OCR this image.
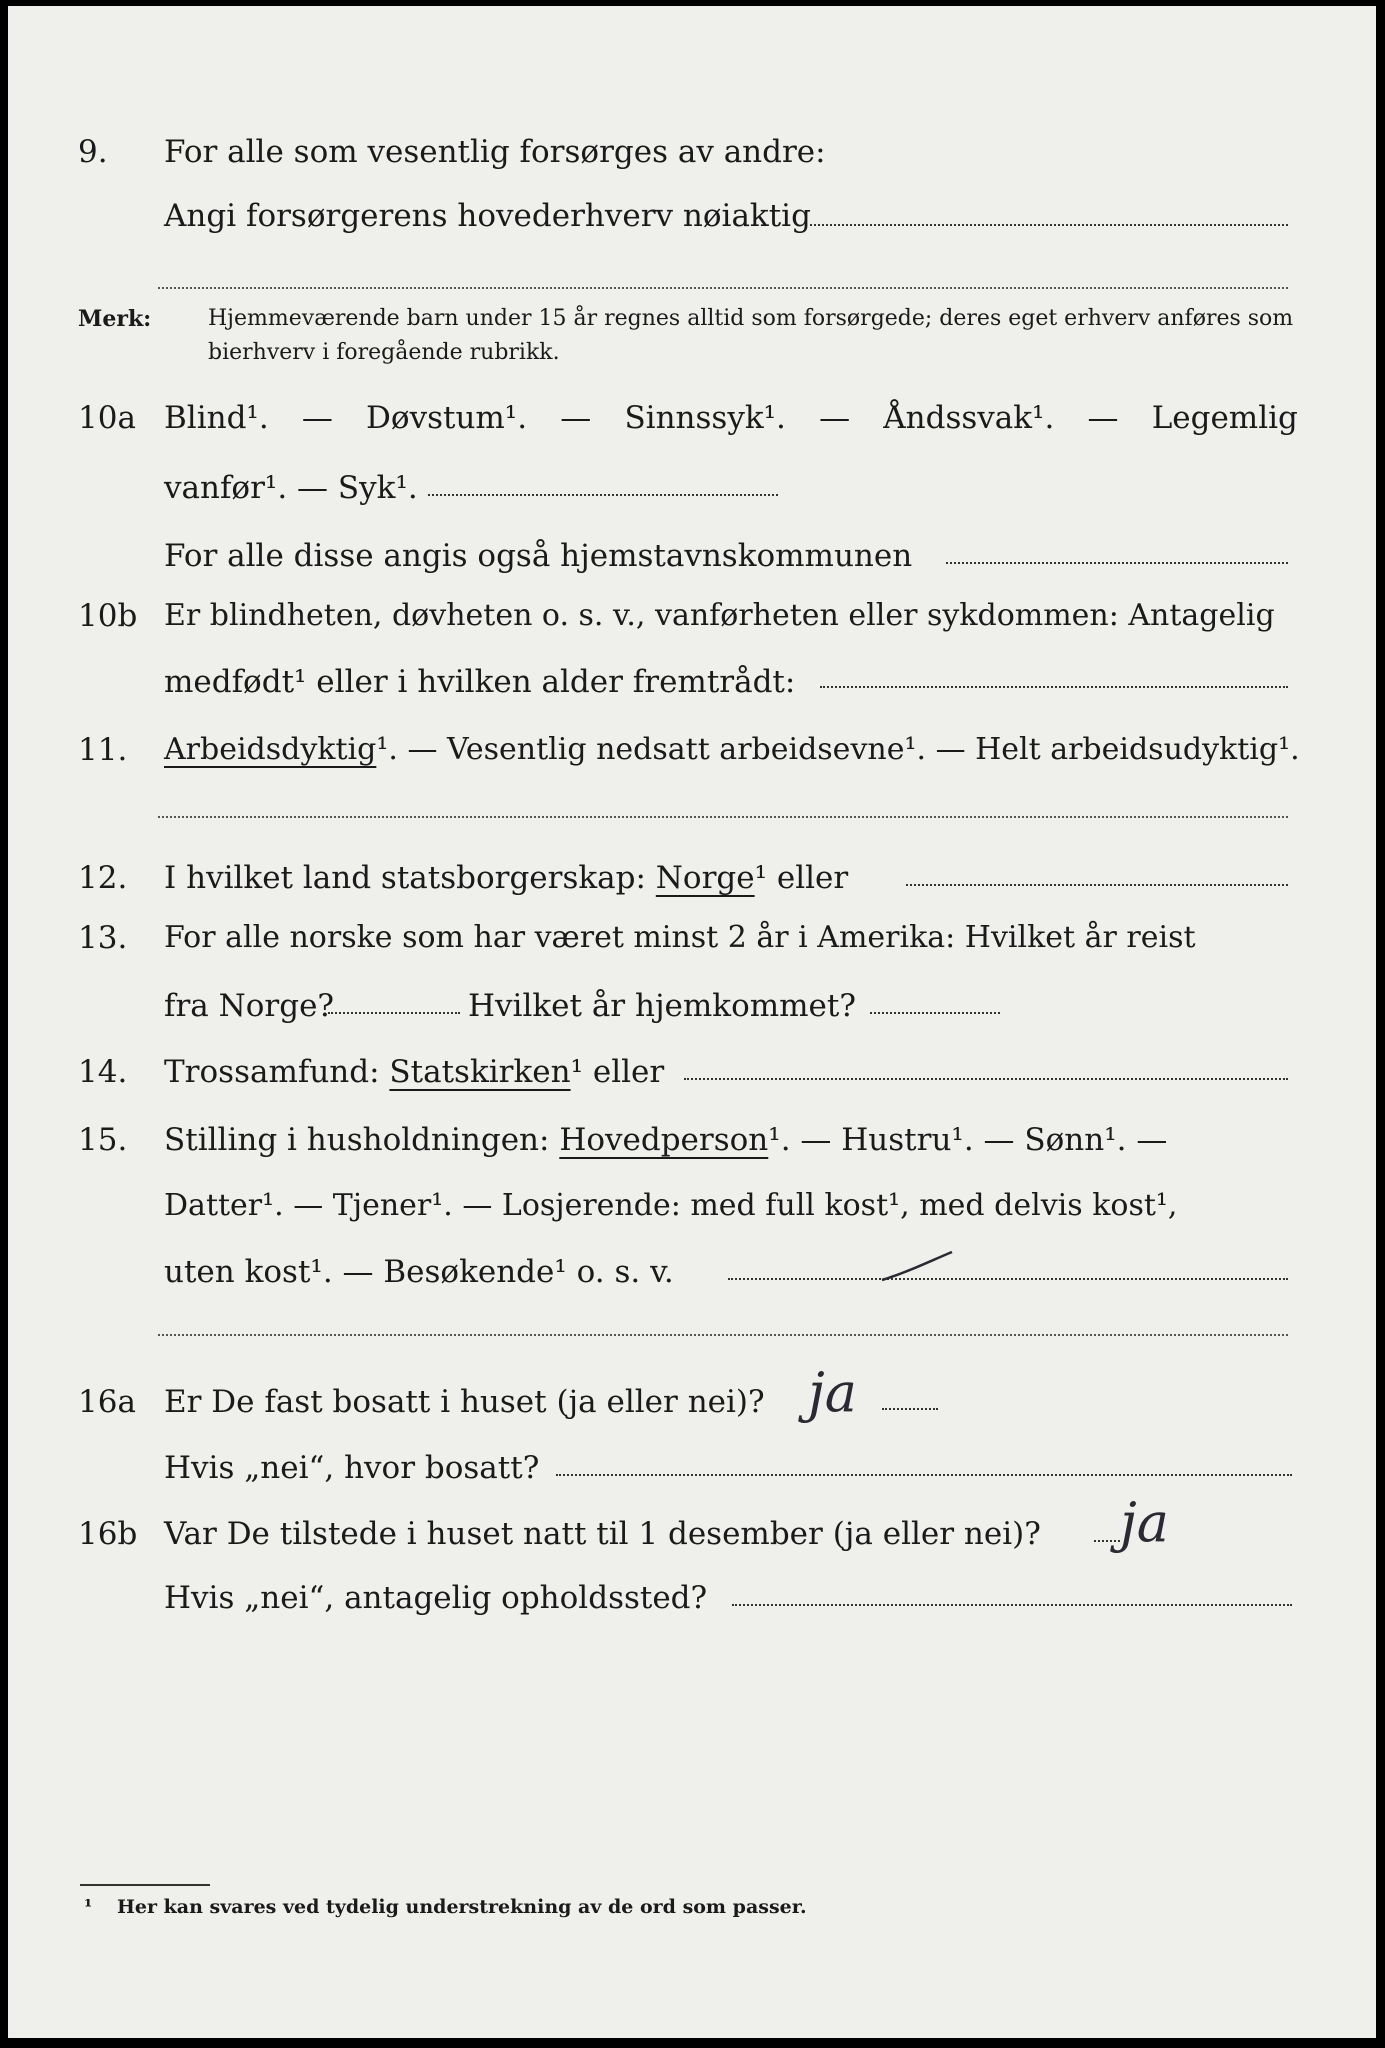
9. For alle som vesentlig forsørges av andre:
Angi forsørgerens hovederhverv nøiaktig
Merk:	Hjemmeværende barn under 15 år regnes alltid som forsørgede; deres eget erhverv anføres som bierhverv i foregående rubrikk.
10a Blind¹. — Døvstum¹. — Sinnssyk¹. — Åndssvak¹. — Legemlig
vanfør¹. — Syk¹.
For alle disse angis også hjemstavnskommunen
10b Er blindheten, døvheten o. s. v., vanførheten eller sykdommen: Antagelig
medfødt¹ eller i hvilken alder fremtrådt:
11. Arbeidsdyktig¹. — Vesentlig nedsatt arbeidsevne¹. — Helt arbeidsudyktig¹.
12. I hvilket land statsborgerskap: Norge¹ eller
13. For alle norske som har været minst 2 år i Amerika: Hvilket år reist
fra Norge?	Hvilket år hjemkommet?
14. Trossamfund: Statskirken¹ eller
15. Stilling i husholdningen: Hovedperson¹. — Hustru¹. — Sønn¹. —
Datter¹. — Tjener¹. — Losjerende: med full kost¹, med delvis kost¹,
uten kost¹. — Besøkende¹ o. s. v.
16a Er De fast bosatt i huset (ja eller nei)? ja
Hvis „nei“, hvor bosatt?
16b Var De tilstede i huset natt til 1 desember (ja eller nei)? ja
Hvis „nei“, antagelig opholdssted?
¹ Her kan svares ved tydelig understrekning av de ord som passer.
